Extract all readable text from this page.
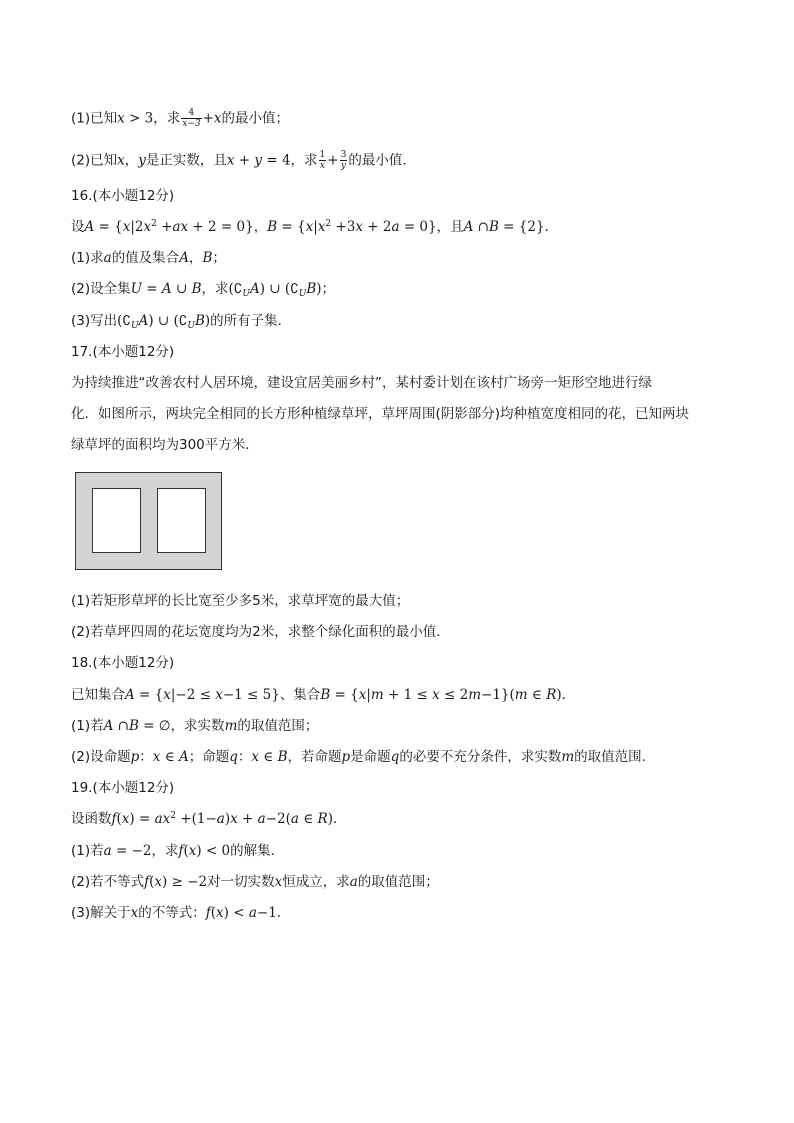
(1)已知x > 3，求 $\frac{4}{x-3} +x$的最小值；
(2)已知x，y是正实数，且x + y = 4，求 $\frac{1}{x} + \frac{3}{y}$ 的最小值．
16.(本小题12分)
设$A = \{x|2x^2 +ax + 2 = 0\}$，$B = \{x|x^2 +3x + 2a = 0\}$，且A ∩B = {2}．
(1)求a的值及集合A，B；
(2)设全集U = A ∪ B，求$(∁_UA)$ ∪ $(∁_UB)$；
(3)写出$(∁_UA)$ ∪ $(∁_UB)$的所有子集．
17.(本小题12分)
为持续推进“改善农村人居环境，建设宜居美丽乡村”，某村委计划在该村广场旁一矩形空地进行绿
化．如图所示，两块完全相同的长方形种植绿草坪，草坪周围(阴影部分)均种植宽度相同的花，已知两块
绿草坪的面积均为300平方米．
(1)若矩形草坪的长比宽至少多5米，求草坪宽的最大值；
(2)若草坪四周的花坛宽度均为2米，求整个绿化面积的最小值．
18.(本小题12分)
已知集合A = {x|−2 ≤ x−1 ≤ 5}、集合B = {x|m + 1 ≤ x ≤ 2m−1}(m ∈ R)．
(1)若A ∩B = ∅，求实数m的取值范围；
(2)设命题p：x ∈ A；命题q：x ∈ B，若命题p是命题q的必要不充分条件，求实数m的取值范围．
19.(本小题12分)
设函数$f(x) = ax^2 +(1-a)x + a-2(a$ ∈ R)．
(1)若a = −2，求f(x) < 0的解集．
(2)若不等式f(x) ≥ −2对一切实数x恒成立，求a的取值范围；
(3)解关于x的不等式：f(x) < a−1．
